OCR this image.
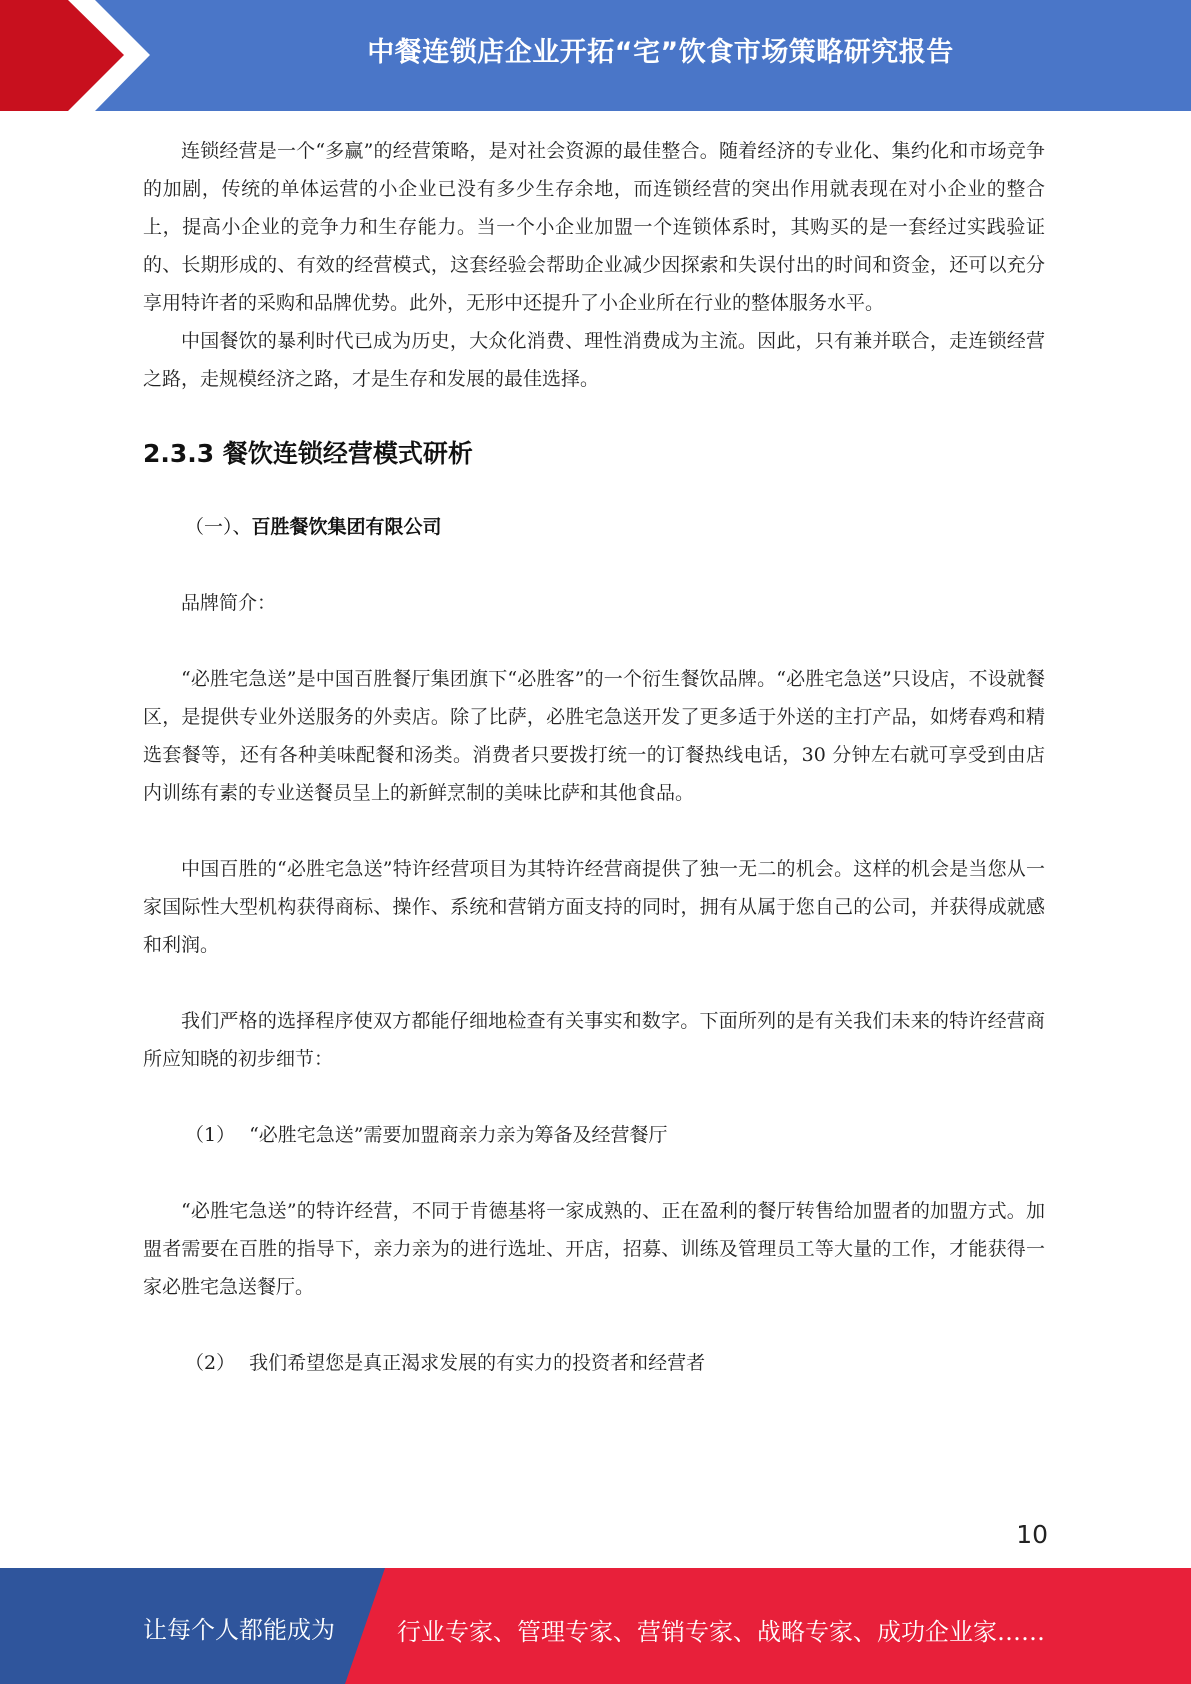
中餐连锁店企业开拓“宅”饮食市场策略研究报告

连锁经营是一个“多赢”的经营策略，是对社会资源的最佳整合。随着经济的专业化、集约化和市场竞争的加剧，传统的单体运营的小企业已没有多少生存余地，而连锁经营的突出作用就表现在对小企业的整合上，提高小企业的竞争力和生存能力。当一个小企业加盟一个连锁体系时，其购买的是一套经过实践验证的、长期形成的、有效的经营模式，这套经验会帮助企业减少因探索和失误付出的时间和资金，还可以充分享用特许者的采购和品牌优势。此外，无形中还提升了小企业所在行业的整体服务水平。

中国餐饮的暴利时代已成为历史，大众化消费、理性消费成为主流。因此，只有兼并联合，走连锁经营之路，走规模经济之路，才是生存和发展的最佳选择。

2.3.3 餐饮连锁经营模式研析
（一）、百胜餐饮集团有限公司
品牌简介：

“必胜宅急送”是中国百胜餐厅集团旗下“必胜客”的一个衍生餐饮品牌。“必胜宅急送”只设店，不设就餐区，是提供专业外送服务的外卖店。除了比萨，必胜宅急送开发了更多适于外送的主打产品，如烤春鸡和精选套餐等，还有各种美味配餐和汤类。消费者只要拨打统一的订餐热线电话，30 分钟左右就可享受到由店内训练有素的专业送餐员呈上的新鲜烹制的美味比萨和其他食品。

中国百胜的“必胜宅急送”特许经营项目为其特许经营商提供了独一无二的机会。这样的机会是当您从一家国际性大型机构获得商标、操作、系统和营销方面支持的同时，拥有从属于您自己的公司，并获得成就感和利润。

我们严格的选择程序使双方都能仔细地检查有关事实和数字。下面所列的是有关我们未来的特许经营商所应知晓的初步细节：

（1） “必胜宅急送”需要加盟商亲力亲为筹备及经营餐厅

“必胜宅急送”的特许经营，不同于肯德基将一家成熟的、正在盈利的餐厅转售给加盟者的加盟方式。加盟者需要在百胜的指导下，亲力亲为的进行选址、开店，招募、训练及管理员工等大量的工作，才能获得一家必胜宅急送餐厅。

（2） 我们希望您是真正渴求发展的有实力的投资者和经营者
10
让每个人都能成为	行业专家、管理专家、营销专家、战略专家、成功企业家……
